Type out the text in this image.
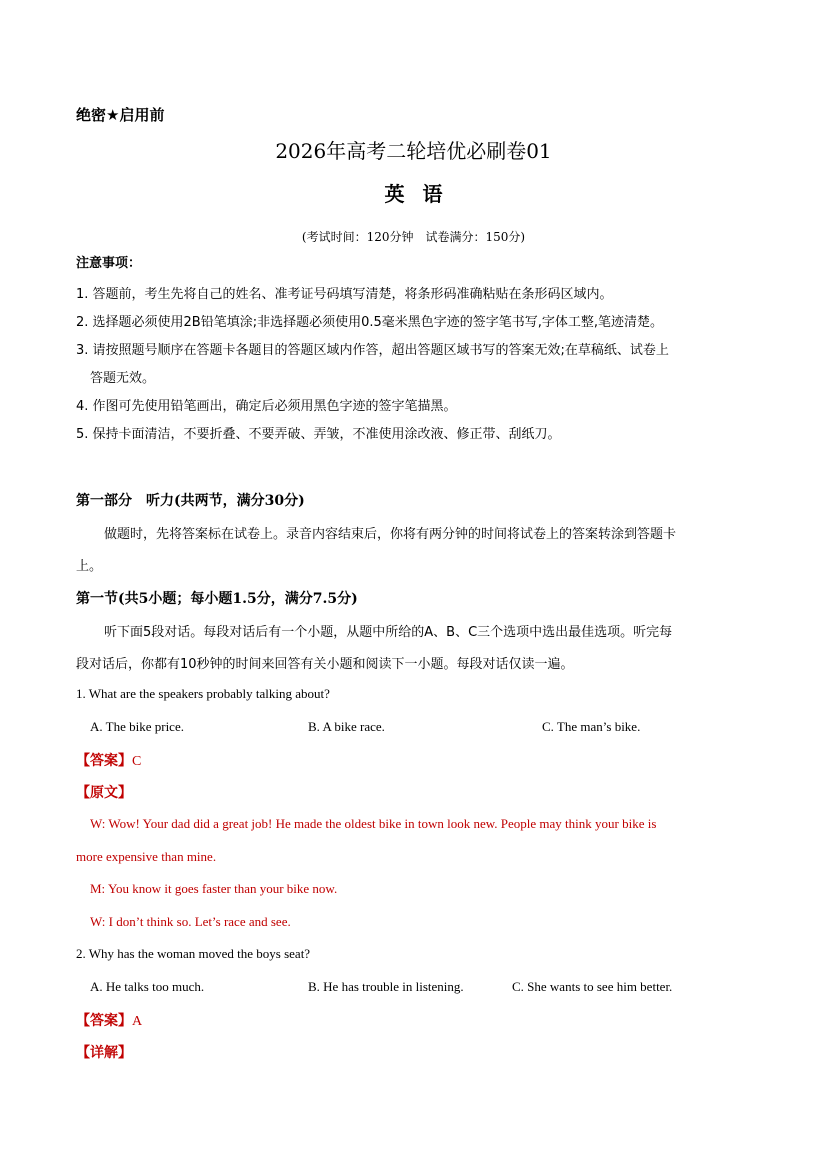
绝密★启用前
2026年高考二轮培优必刷卷01
英语
(考试时间：120分钟　试卷满分：150分)
注意事项：
1. 答题前，考生先将自己的姓名、准考证号码填写清楚，将条形码准确粘贴在条形码区域内。
2. 选择题必须使用2B铅笔填涂;非选择题必须使用0.5毫米黑色字迹的签字笔书写,字体工整,笔迹清楚。
3. 请按照题号顺序在答题卡各题目的答题区域内作答，超出答题区域书写的答案无效;在草稿纸、试卷上
答题无效。
4. 作图可先使用铅笔画出，确定后必须用黑色字迹的签字笔描黑。
5. 保持卡面清洁，不要折叠、不要弄破、弄皱，不准使用涂改液、修正带、刮纸刀。
第一部分　听力(共两节，满分30分)
做题时，先将答案标在试卷上。录音内容结束后，你将有两分钟的时间将试卷上的答案转涂到答题卡
上。
第一节(共5小题；每小题1.5分，满分7.5分)
听下面5段对话。每段对话后有一个小题，从题中所给的A、B、C三个选项中选出最佳选项。听完每
段对话后，你都有10秒钟的时间来回答有关小题和阅读下一小题。每段对话仅读一遍。
1. What are the speakers probably talking about?
A. The bike price.	B. A bike race.	C. The man’s bike.
【答案】C
【原文】
W: Wow! Your dad did a great job! He made the oldest bike in town look new. People may think your bike is
more expensive than mine.
M: You know it goes faster than your bike now.
W: I don’t think so. Let’s race and see.
2. Why has the woman moved the boys seat?
A. He talks too much.	B. He has trouble in listening.	C. She wants to see him better.
【答案】A
【详解】
